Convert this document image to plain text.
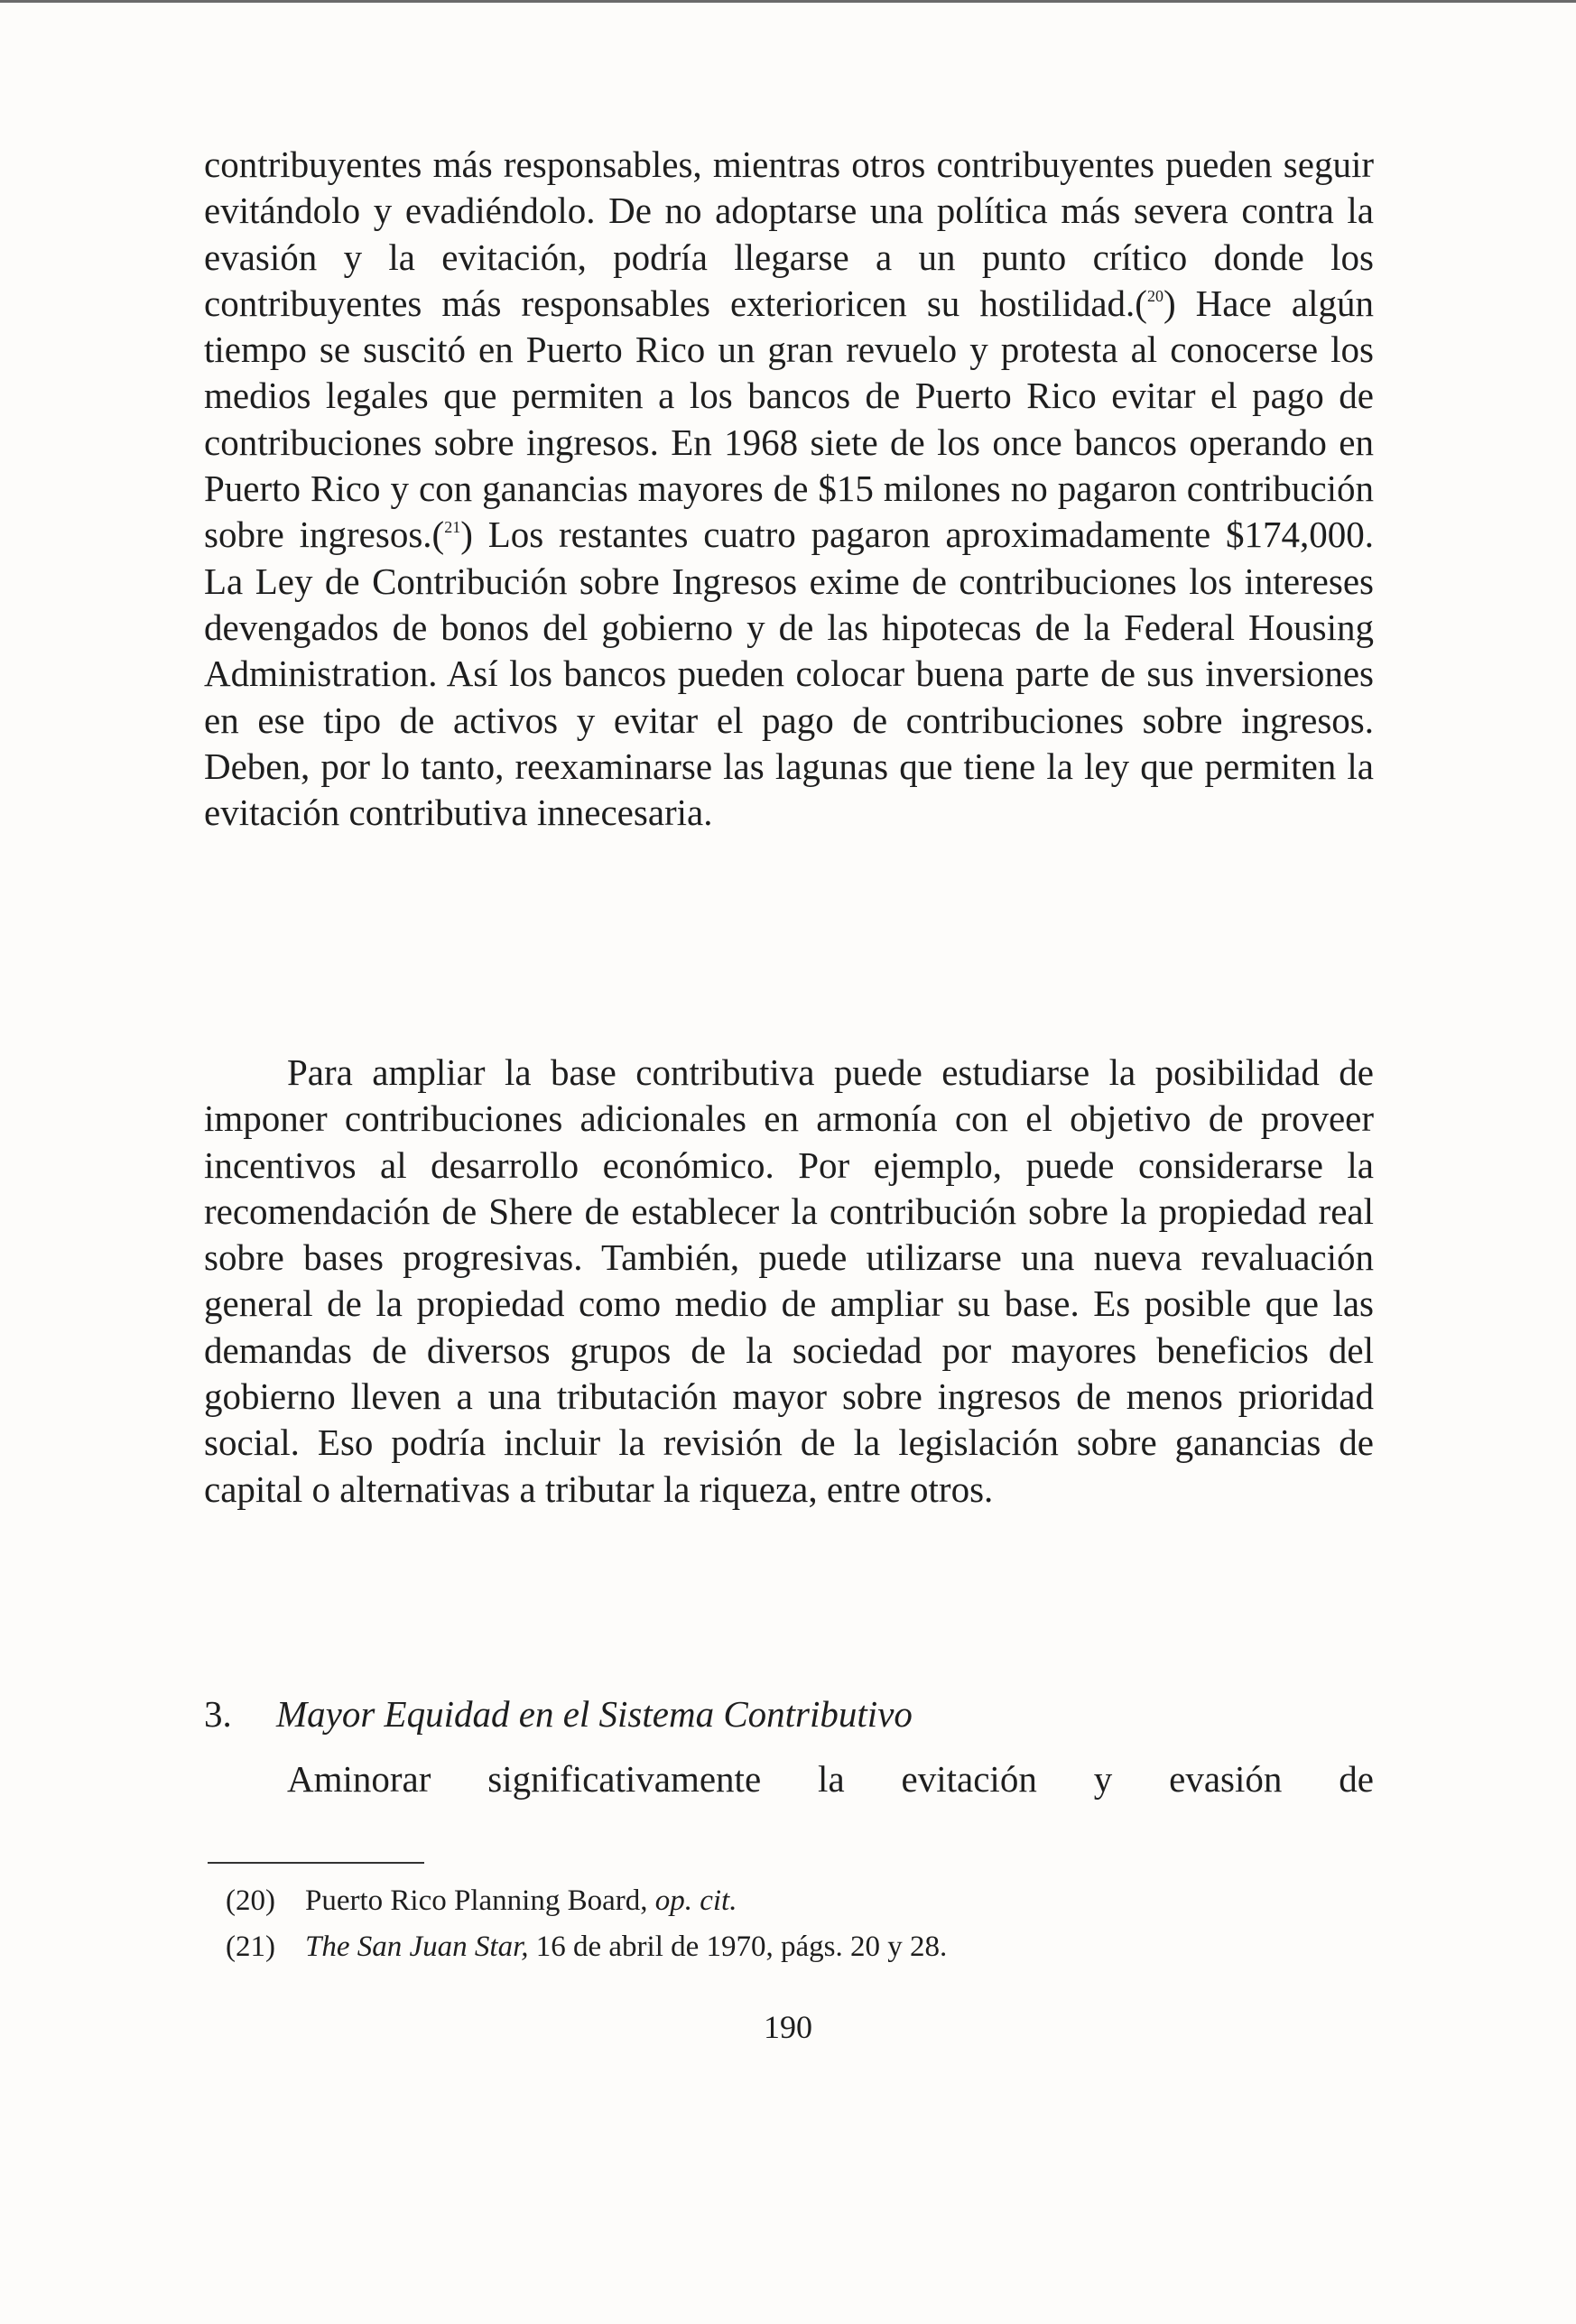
contribuyentes más responsables, mientras otros contribuyentes pueden seguir evitándolo y evadiéndolo. De no adoptarse una política más severa contra la evasión y la evitación, podría llegarse a un punto crítico donde los contribuyentes más responsables exterioricen su hostilidad.($^{20}$) Hace algún tiempo se suscitó en Puerto Rico un gran revuelo y protesta al conocerse los medios legales que permiten a los bancos de Puerto Rico evitar el pago de contribuciones sobre ingresos. En 1968 siete de los once bancos operando en Puerto Rico y con ganancias mayores de $15 milones no pagaron contribución sobre ingresos.($^{21}$) Los restantes cuatro pagaron aproximadamente $174,000. La Ley de Contribución sobre Ingresos exime de contribuciones los intereses devengados de bonos del gobierno y de las hipotecas de la Federal Housing Administration. Así los bancos pueden colocar buena parte de sus inversiones en ese tipo de activos y evitar el pago de contribuciones sobre ingresos. Deben, por lo tanto, reexaminarse las lagunas que tiene la ley que permiten la evitación contributiva innecesaria.

Para ampliar la base contributiva puede estudiarse la posibilidad de imponer contribuciones adicionales en armonía con el objetivo de proveer incentivos al desarrollo económico. Por ejemplo, puede considerarse la recomendación de Shere de establecer la contribución sobre la propiedad real sobre bases progresivas. También, puede utilizarse una nueva revaluación general de la propiedad como medio de ampliar su base. Es posible que las demandas de diversos grupos de la sociedad por mayores beneficios del gobierno lleven a una tributación mayor sobre ingresos de menos prioridad social. Eso podría incluir la revisión de la legislación sobre ganancias de capital o alternativas a tributar la riqueza, entre otros.

3. Mayor Equidad en el Sistema Contributivo

Aminorar significativamente la evitación y evasión de

(20) Puerto Rico Planning Board, op. cit.
(21) The San Juan Star, 16 de abril de 1970, págs. 20 y 28.
190
